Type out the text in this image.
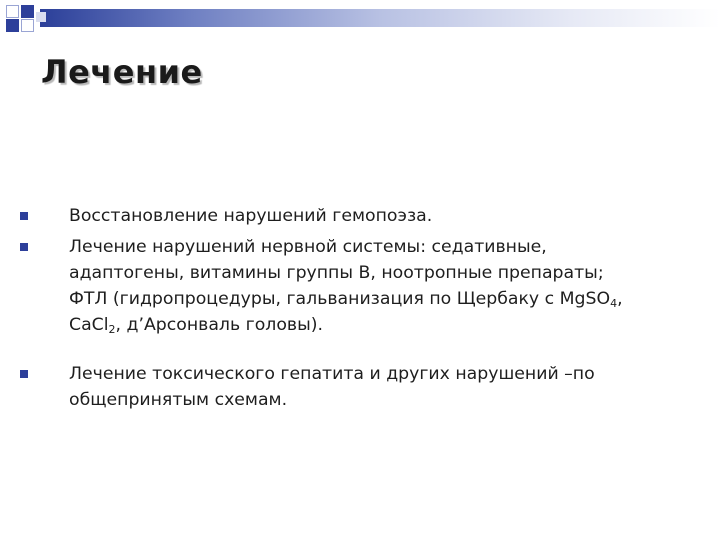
Лечение
Восстановление нарушений гемопоэза.
Лечение нарушений нервной системы: седативные,
адаптогены, витамины группы В, ноотропные препараты;
ФТЛ (гидропроцедуры, гальванизация по Щербаку с MgSO$_4$,
CaCl$_2$, д’Арсонваль головы).
Лечение токсического гепатита и других нарушений –по
общепринятым схемам.
